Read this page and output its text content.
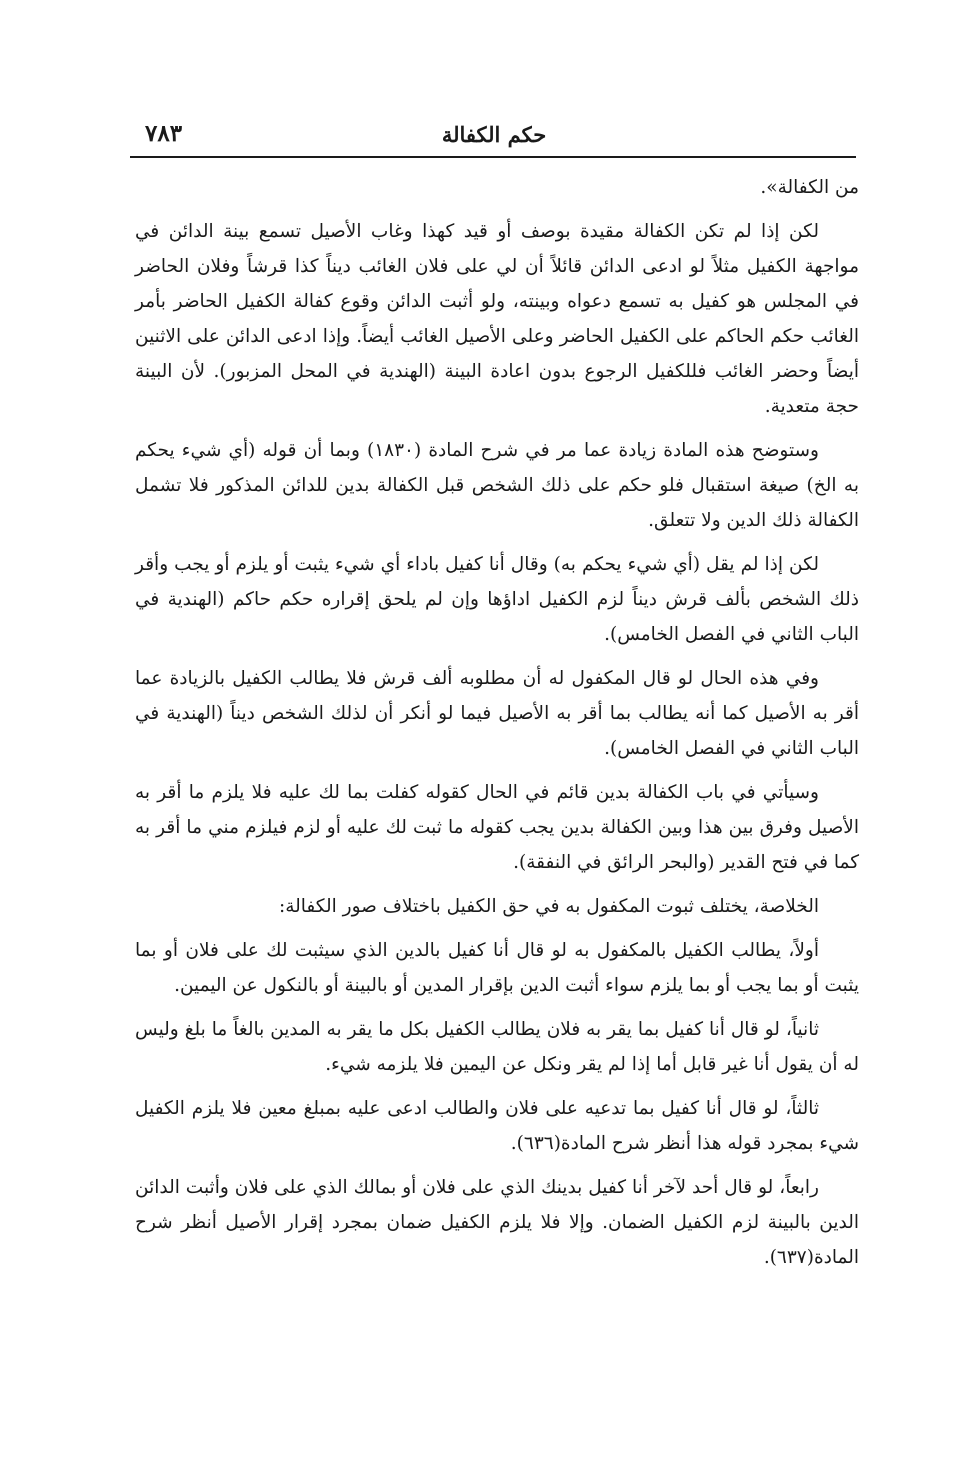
حكم الكفالة
٧٨٣

من الكفالة».

لكن إذا لم تكن الكفالة مقيدة بوصف أو قيد كهذا وغاب الأصيل تسمع بينة الدائن في مواجهة الكفيل مثلاً لو ادعى الدائن قائلاً أن لي على فلان الغائب ديناً كذا قرشاً وفلان الحاضر في المجلس هو كفيل به تسمع دعواه وبينته، ولو أثبت الدائن وقوع كفالة الكفيل الحاضر بأمر الغائب حكم الحاكم على الكفيل الحاضر وعلى الأصيل الغائب أيضاً. وإذا ادعى الدائن على الاثنين أيضاً وحضر الغائب فللكفيل الرجوع بدون اعادة البينة (الهندية في المحل المزبور). لأن البينة حجة متعدية.

وستوضح هذه المادة زيادة عما مر في شرح المادة (١٨٣٠) وبما أن قوله (أي شيء يحكم به الخ) صيغة استقبال فلو حكم على ذلك الشخص قبل الكفالة بدين للدائن المذكور فلا تشمل الكفالة ذلك الدين ولا تتعلق.

لكن إذا لم يقل (أي شيء يحكم به) وقال أنا كفيل باداء أي شيء يثبت أو يلزم أو يجب وأقر ذلك الشخص بألف قرش ديناً لزم الكفيل اداؤها وإن لم يلحق إقراره حكم حاكم (الهندية في الباب الثاني في الفصل الخامس).

وفي هذه الحال لو قال المكفول له أن مطلوبه ألف قرش فلا يطالب الكفيل بالزيادة عما أقر به الأصيل كما أنه يطالب بما أقر به الأصيل فيما لو أنكر أن لذلك الشخص ديناً (الهندية في الباب الثاني في الفصل الخامس).

وسيأتي في باب الكفالة بدين قائم في الحال كقوله كفلت بما لك عليه فلا يلزم ما أقر به الأصيل وفرق بين هذا وبين الكفالة بدين يجب كقوله ما ثبت لك عليه أو لزم فيلزم مني ما أقر به كما في فتح القدير (والبحر الرائق في النفقة).

الخلاصة، يختلف ثبوت المكفول به في حق الكفيل باختلاف صور الكفالة:

أولاً، يطالب الكفيل بالمكفول به لو قال أنا كفيل بالدين الذي سيثبت لك على فلان أو بما يثبت أو بما يجب أو بما يلزم سواء أثبت الدين بإقرار المدين أو بالبينة أو بالنكول عن اليمين.

ثانياً، لو قال أنا كفيل بما يقر به فلان يطالب الكفيل بكل ما يقر به المدين بالغاً ما بلغ وليس له أن يقول أنا غير قابل أما إذا لم يقر ونكل عن اليمين فلا يلزمه شيء.

ثالثاً، لو قال أنا كفيل بما تدعيه على فلان والطالب ادعى عليه بمبلغ معين فلا يلزم الكفيل شيء بمجرد قوله هذا أنظر شرح المادة(٦٣٦).

رابعاً، لو قال أحد لآخر أنا كفيل بدينك الذي على فلان أو بمالك الذي على فلان وأثبت الدائن الدين بالبينة لزم الكفيل الضمان. وإلا فلا يلزم الكفيل ضمان بمجرد إقرار الأصيل أنظر شرح المادة(٦٣٧).
